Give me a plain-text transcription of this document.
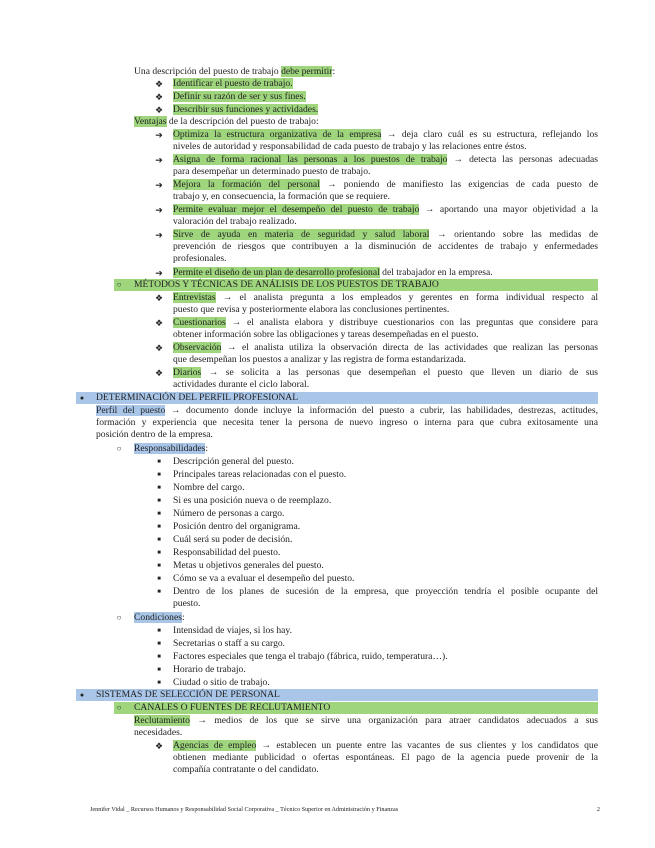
Una descripción del puesto de trabajo debe permitir:
❖ Identificar el puesto de trabajo.
❖ Definir su razón de ser y sus fines.
❖ Describir sus funciones y actividades.
Ventajas de la descripción del puesto de trabajo:
➔ Optimiza la estructura organizativa de la empresa → deja claro cuál es su estructura, reflejando los
niveles de autoridad y responsabilidad de cada puesto de trabajo y las relaciones entre éstos.
➔ Asigna de forma racional las personas a los puestos de trabajo → detecta las personas adecuadas
para desempeñar un determinado puesto de trabajo.
➔ Mejora la formación del personal → poniendo de manifiesto las exigencias de cada puesto de
trabajo y, en consecuencia, la formación que se requiere.
➔ Permite evaluar mejor el desempeño del puesto de trabajo → aportando una mayor objetividad a la
valoración del trabajo realizado.
➔ Sirve de ayuda en materia de seguridad y salud laboral → orientando sobre las medidas de
prevención de riesgos que contribuyen a la disminución de accidentes de trabajo y enfermedades
profesionales.
➔ Permite el diseño de un plan de desarrollo profesional del trabajador en la empresa.
○ MÉTODOS Y TÉCNICAS DE ANÁLISIS DE LOS PUESTOS DE TRABAJO
❖ Entrevistas → el analista pregunta a los empleados y gerentes en forma individual respecto al
puesto que revisa y posteriormente elabora las conclusiones pertinentes.
❖ Cuestionarios → el analista elabora y distribuye cuestionarios con las preguntas que considere para
obtener información sobre las obligaciones y tareas desempeñadas en el puesto.
❖ Observación → el analista utiliza la observación directa de las actividades que realizan las personas
que desempeñan los puestos a analizar y las registra de forma estandarizada.
❖ Diarios → se solicita a las personas que desempeñan el puesto que lleven un diario de sus
actividades durante el ciclo laboral.
●	DETERMINACIÓN DEL PERFIL PROFESIONAL
Perfil del puesto → documento donde incluye la información del puesto a cubrir, las habilidades, destrezas, actitudes,
formación y experiencia que necesita tener la persona de nuevo ingreso o interna para que cubra exitosamente una
posición dentro de la empresa.
○ Responsabilidades:
■	Descripción general del puesto.
■	Principales tareas relacionadas con el puesto.
■	Nombre del cargo.
■	Si es una posición nueva o de reemplazo.
■	Número de personas a cargo.
■	Posición dentro del organigrama.
■	Cuál será su poder de decisión.
■	Responsabilidad del puesto.
■	Metas u objetivos generales del puesto.
■	Cómo se va a evaluar el desempeño del puesto.
■	Dentro de los planes de sucesión de la empresa, que proyección tendría el posible ocupante del
puesto.
○ Condiciones:
■	Intensidad de viajes, si los hay.
■	Secretarias o staff a su cargo.
■	Factores especiales que tenga el trabajo (fábrica, ruido, temperatura…).
■	Horario de trabajo.
■	Ciudad o sitio de trabajo.
●	SISTEMAS DE SELECCIÓN DE PERSONAL
○ CANALES O FUENTES DE RECLUTAMIENTO
Reclutamiento → medios de los que se sirve una organización para atraer candidatos adecuados a sus
necesidades.
❖ Agencias de empleo → establecen un puente entre las vacantes de sus clientes y los candidatos que
obtienen mediante publicidad o ofertas espontáneas. El pago de la agencia puede provenir de la
compañía contratante o del candidato.
Jennifer Vidal _ Recursos Humanos y Responsabilidad Social Corporativa _ Técnico Superior en Administración y Finanzas	2
